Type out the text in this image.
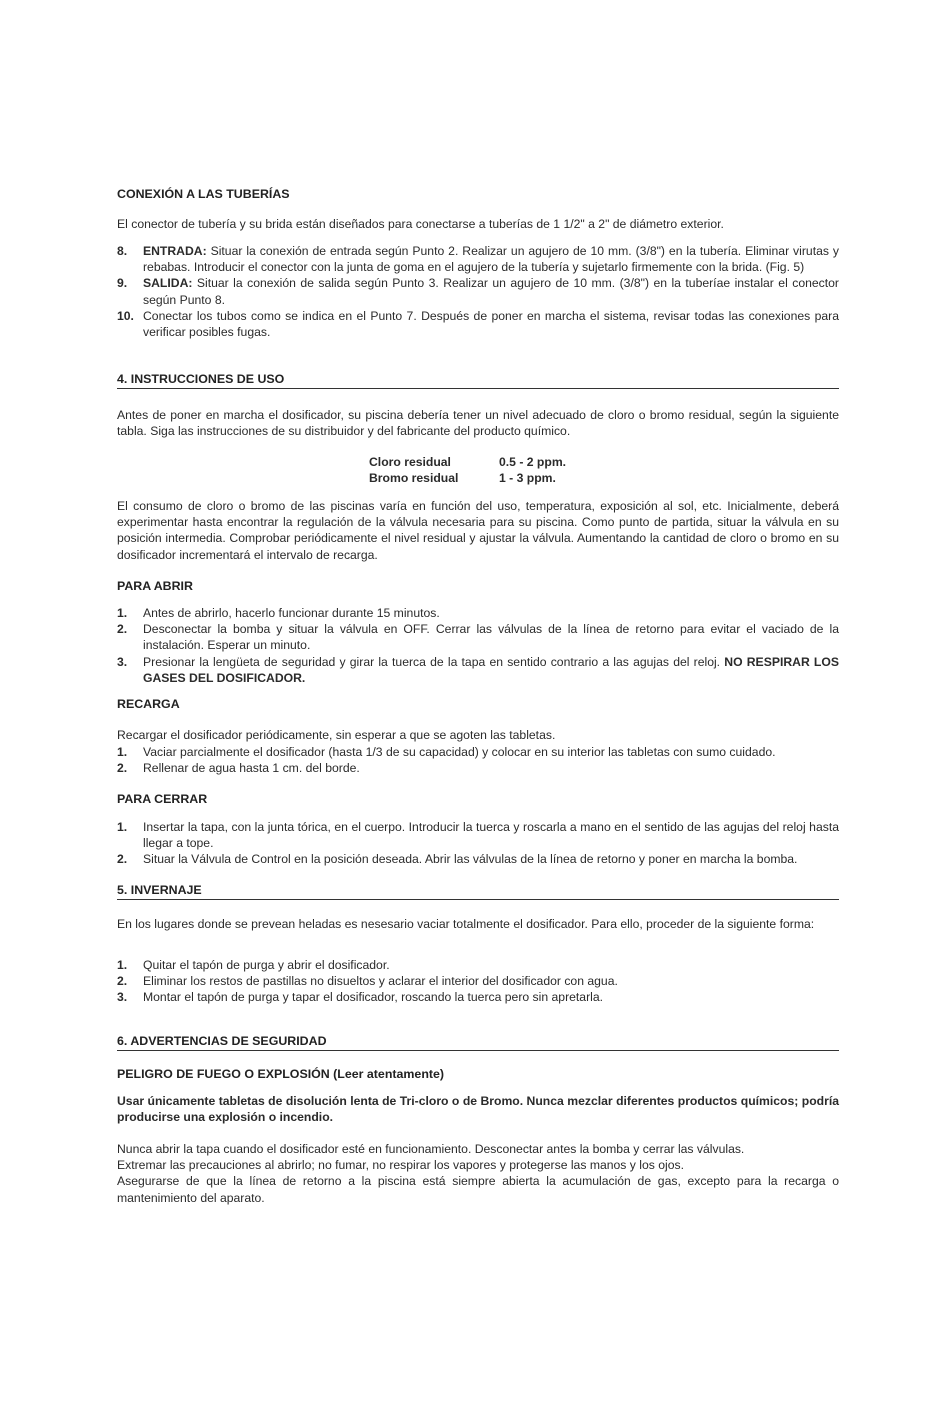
CONEXIÓN A LAS TUBERÍAS

El conector de tubería y su brida están diseñados para conectarse a tuberías de 1 1/2" a 2" de diámetro exterior.

8. ENTRADA: Situar la conexión de entrada según Punto 2. Realizar un agujero de 10 mm. (3/8") en la tubería. Eliminar virutas y rebabas. Introducir el conector con la junta de goma en el agujero de la tubería y sujetarlo firmemente con la brida. (Fig. 5)
9. SALIDA: Situar la conexión de salida según Punto 3. Realizar un agujero de 10 mm. (3/8") en la tuberíae instalar el conector según Punto 8.
10. Conectar los tubos como se indica en el Punto 7. Después de poner en marcha el sistema, revisar todas las conexiones para verificar posibles fugas.
4. INSTRUCCIONES DE USO

Antes de poner en marcha el dosificador, su piscina debería tener un nivel adecuado de cloro o bromo residual, según la siguiente tabla. Siga las instrucciones de su distribuidor y del fabricante del producto químico.

Cloro residual	0.5 - 2 ppm.
Bromo residual	1 - 3 ppm.

El consumo de cloro o bromo de las piscinas varía en función del uso, temperatura, exposición al sol, etc. Inicialmente, deberá experimentar hasta encontrar la regulación de la válvula necesaria para su piscina. Como punto de partida, situar la válvula en su posición intermedia. Comprobar periódicamente el nivel residual y ajustar la válvula. Aumentando la cantidad de cloro o bromo en su dosificador incrementará el intervalo de recarga.

PARA ABRIR
1. Antes de abrirlo, hacerlo funcionar durante 15 minutos.
2. Desconectar la bomba y situar la válvula en OFF. Cerrar las válvulas de la línea de retorno para evitar el vaciado de la instalación. Esperar un minuto.
3. Presionar la lengüeta de seguridad y girar la tuerca de la tapa en sentido contrario a las agujas del reloj. NO RESPIRAR LOS GASES DEL DOSIFICADOR.
RECARGA

Recargar el dosificador periódicamente, sin esperar a que se agoten las tabletas.

1. Vaciar parcialmente el dosificador (hasta 1/3 de su capacidad) y colocar en su interior las tabletas con sumo cuidado.
2. Rellenar de agua hasta 1 cm. del borde.
PARA CERRAR
1. Insertar la tapa, con la junta tórica, en el cuerpo. Introducir la tuerca y roscarla a mano en el sentido de las agujas del reloj hasta llegar a tope.
2. Situar la Válvula de Control en la posición deseada. Abrir las válvulas de la línea de retorno y poner en marcha la bomba.
5. INVERNAJE

En los lugares donde se prevean heladas es nesesario vaciar totalmente el dosificador. Para ello, proceder de la siguiente forma:

1. Quitar el tapón de purga y abrir el dosificador.
2. Eliminar los restos de pastillas no disueltos y aclarar el interior del dosificador con agua.
3. Montar el tapón de purga y tapar el dosificador, roscando la tuerca pero sin apretarla.
6. ADVERTENCIAS DE SEGURIDAD
PELIGRO DE FUEGO O EXPLOSIÓN (Leer atentamente)

Usar únicamente tabletas de disolución lenta de Tri-cloro o de Bromo. Nunca mezclar diferentes productos químicos; podría producirse una explosión o incendio.

Nunca abrir la tapa cuando el dosificador esté en funcionamiento. Desconectar antes la bomba y cerrar las válvulas.

Extremar las precauciones al abrirlo; no fumar, no respirar los vapores y protegerse las manos y los ojos.

Asegurarse de que la línea de retorno a la piscina está siempre abierta la acumulación de gas, excepto para la recarga o mantenimiento del aparato.
